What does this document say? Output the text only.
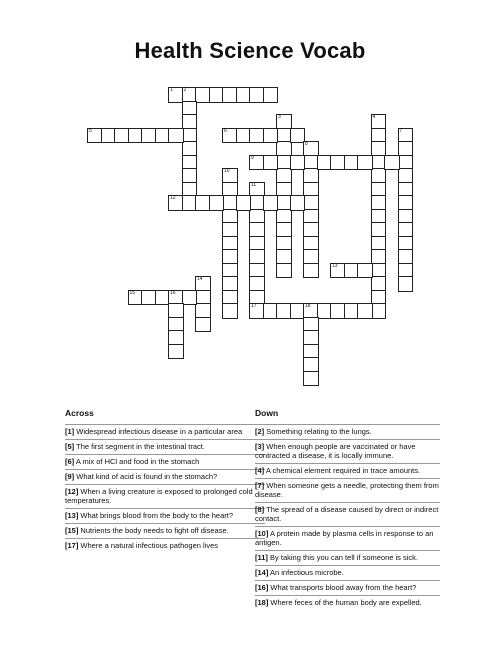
Health Science Vocab
1 2
3	4
5	6	7
8
9
10
11
17
12
13
14
15	16
18
Across
[1] Widespread infectious disease in a particular area
[5] The first segment in the intestinal tract.
[6] A mix of HCl and food in the stomach
[9] What kind of acid is found in the stomach?
[12] When a living creature is exposed to prolonged cold temperatures.
[13] What brings blood from the body to the heart?
[15] Nutrients the body needs to fight off disease.
[17] Where a natural infectious pathogen lives
Down
[2] Something relating to the lungs.
[3] When enough people are vaccinated or have contracted a disease, it is locally immune.
[4] A chemical element required in trace amounts.
[7] When someone gets a needle, protecting them from disease.
[8] The spread of a disease caused by direct or indirect contact.
[10] A protein made by plasma cells in response to an antigen.
[11] By taking this you can tell if someone is sick.
[14] An infectious microbe.
[16] What transports blood away from the heart?
[18] Where feces of the human body are expelled.
